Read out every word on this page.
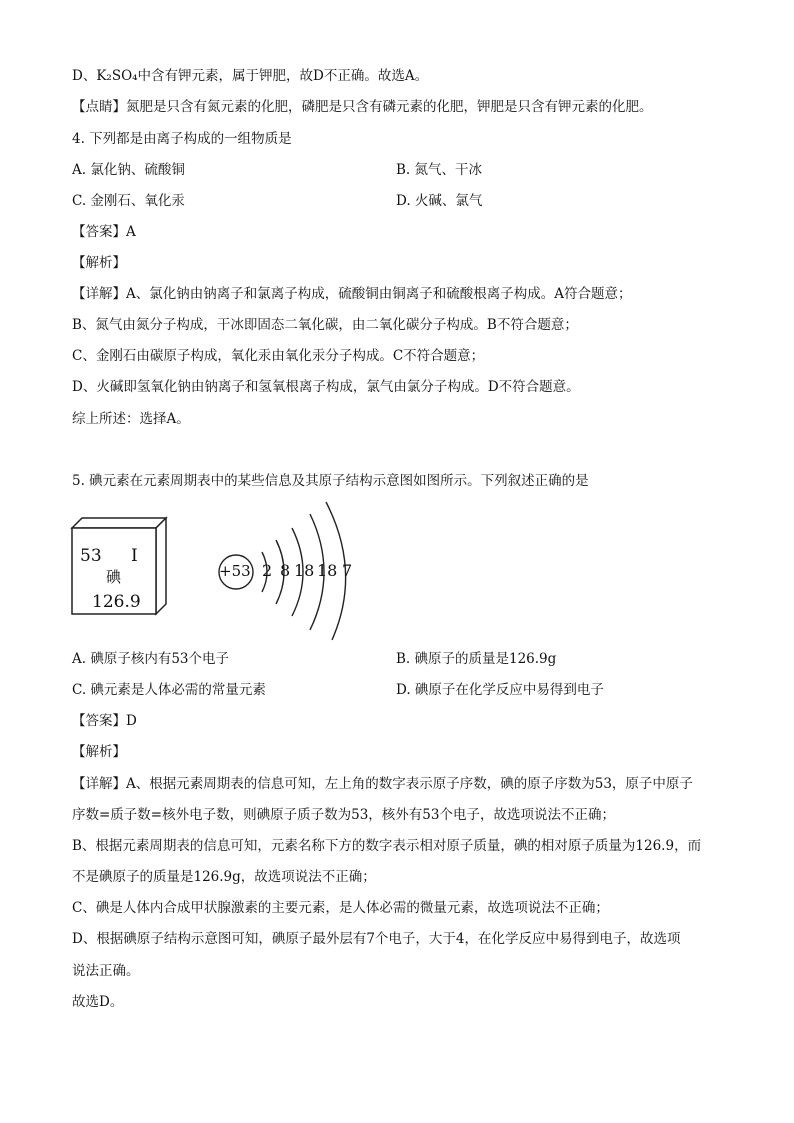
D、K₂SO₄中含有钾元素，属于钾肥，故D不正确。故选A。
【点睛】氮肥是只含有氮元素的化肥，磷肥是只含有磷元素的化肥，钾肥是只含有钾元素的化肥。
4. 下列都是由离子构成的一组物质是
A. 氯化钠、硫酸铜	B. 氮气、干冰
C. 金刚石、氧化汞	D. 火碱、氯气
【答案】A
【解析】
【详解】A、氯化钠由钠离子和氯离子构成，硫酸铜由铜离子和硫酸根离子构成。A符合题意；
B、氮气由氮分子构成，干冰即固态二氧化碳，由二氧化碳分子构成。B不符合题意；
C、金刚石由碳原子构成，氧化汞由氧化汞分子构成。C不符合题意；
D、火碱即氢氧化钠由钠离子和氢氧根离子构成，氯气由氯分子构成。D不符合题意。
综上所述：选择A。
5. 碘元素在元素周期表中的某些信息及其原子结构示意图如图所示。下列叙述正确的是
53 I
碘
126.9
+53 2 8 18 18 7
A. 碘原子核内有53个电子	B. 碘原子的质量是126.9g
C. 碘元素是人体必需的常量元素	D. 碘原子在化学反应中易得到电子
【答案】D
【解析】
【详解】A、根据元素周期表的信息可知，左上角的数字表示原子序数，碘的原子序数为53，原子中原子
序数=质子数=核外电子数，则碘原子质子数为53，核外有53个电子，故选项说法不正确；
B、根据元素周期表的信息可知，元素名称下方的数字表示相对原子质量，碘的相对原子质量为126.9，而
不是碘原子的质量是126.9g，故选项说法不正确；
C、碘是人体内合成甲状腺激素的主要元素，是人体必需的微量元素，故选项说法不正确；
D、根据碘原子结构示意图可知，碘原子最外层有7个电子，大于4，在化学反应中易得到电子，故选项
说法正确。
故选D。
